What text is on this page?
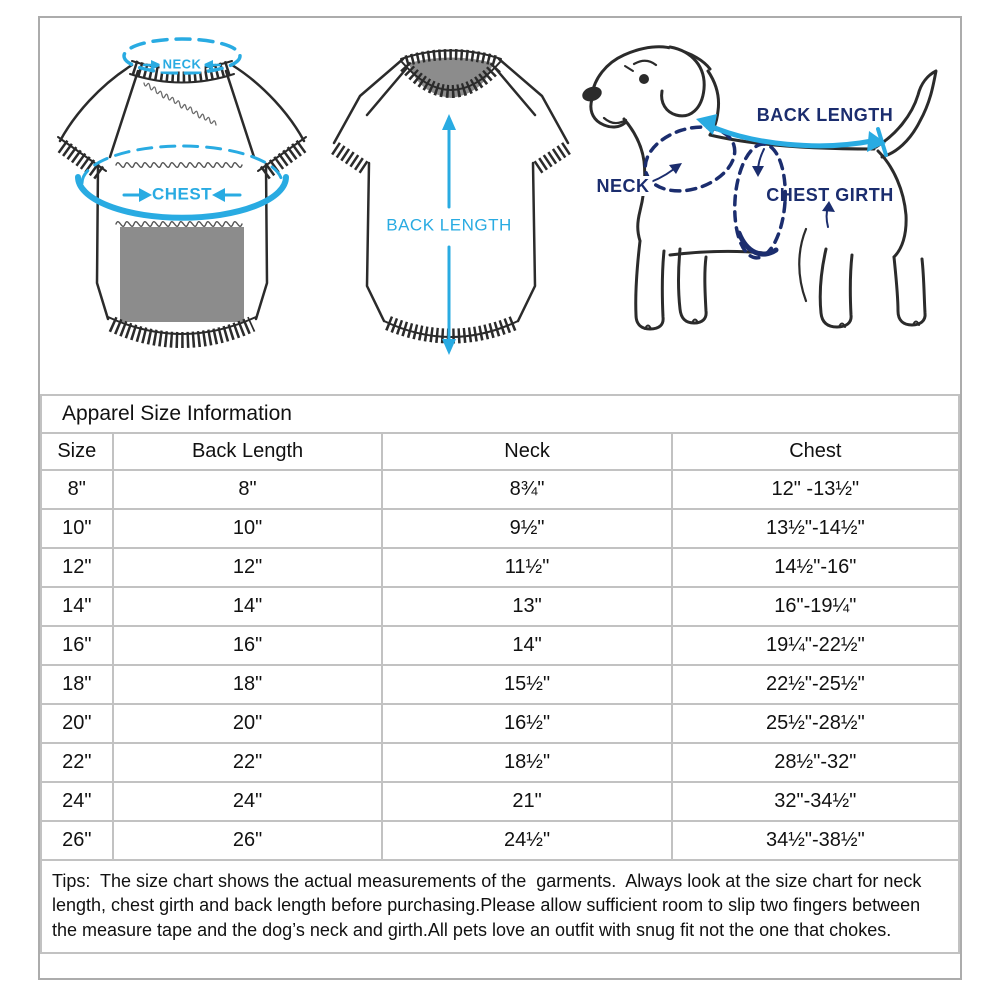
NECK
CHEST
BACK LENGTH
BACK LENGTH
NECK	CHEST GIRTH
Apparel Size Information			
Size	Back Length	Neck	Chest
8"	8"	8¾"	12" -13½"
10"	10"	9½"	13½"-14½"
12"	12"	11½"	14½"-16"
14"	14"	13"	16"-19¼"
16"	16"	14"	19¼"-22½"
18"	18"	15½"	22½"-25½"
20"	20"	16½"	25½"-28½"
22"	22"	18½"	28½"-32"
24"	24"	21"	32"-34½"
26"	26"	24½"	34½"-38½"
Tips:  The size chart shows the actual measurements of the  garments.  Always look at the size chart for neck length, chest girth and back length before purchasing.Please allow sufficient room to slip two fingers between the measure tape and the dog’s neck and girth.All pets love an outfit with snug fit not the one that chokes.			
